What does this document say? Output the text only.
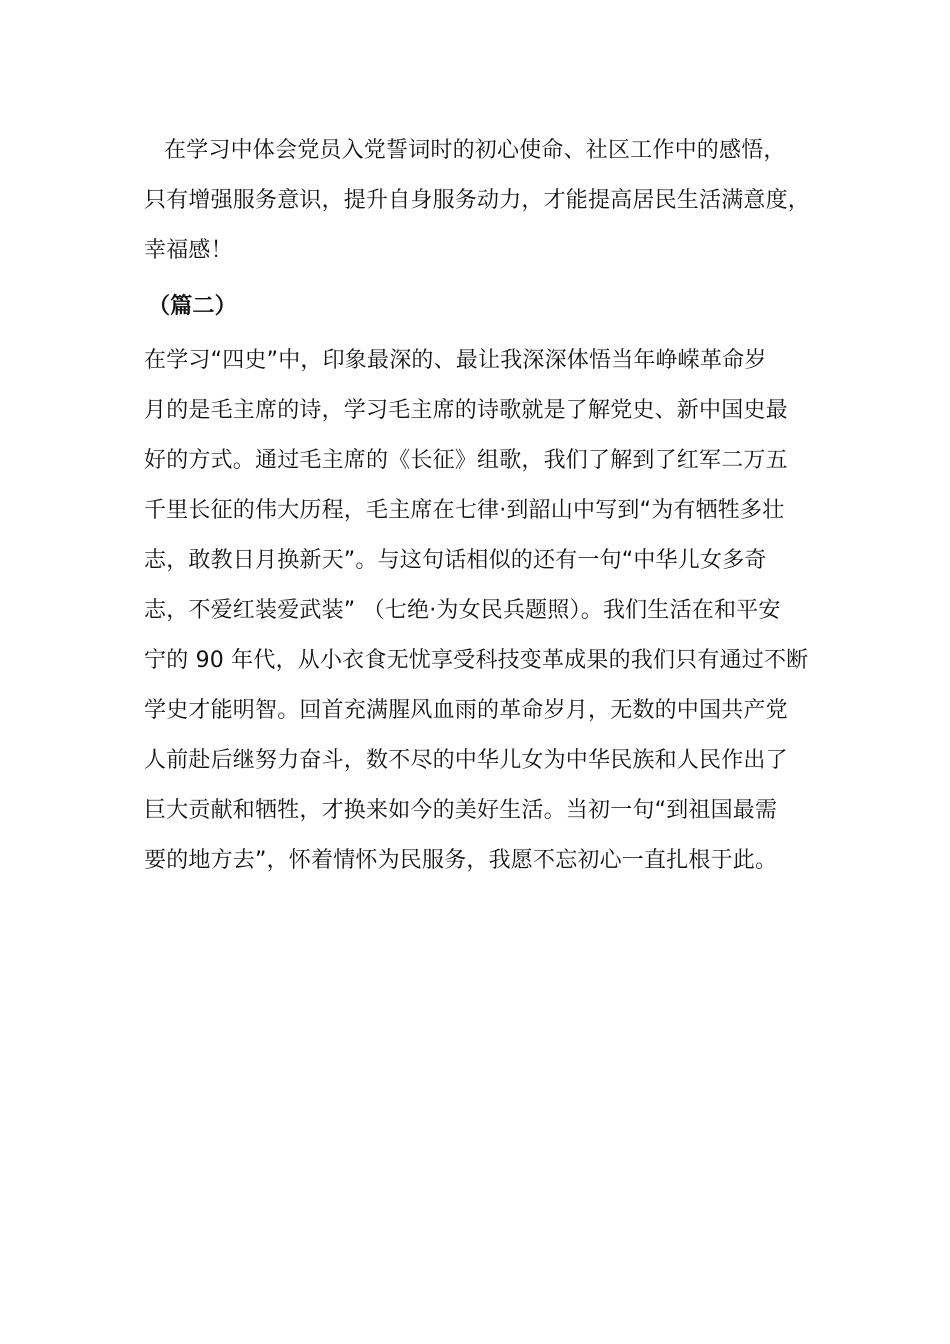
在学习中体会党员入党誓词时的初心使命、社区工作中的感悟，
只有增强服务意识，提升自身服务动力，才能提高居民生活满意度，
幸福感！
（篇二）
在学习“四史”中，印象最深的、最让我深深体悟当年峥嵘革命岁
月的是毛主席的诗，学习毛主席的诗歌就是了解党史、新中国史最
好的方式。通过毛主席的《长征》组歌，我们了解到了红军二万五
千里长征的伟大历程，毛主席在七律·到韶山中写到“为有牺牲多壮
志，敢教日月换新天”。与这句话相似的还有一句“中华儿女多奇
志，不爱红装爱武装” （七绝·为女民兵题照）。我们生活在和平安
宁的 90 年代，从小衣食无忧享受科技变革成果的我们只有通过不断
学史才能明智。回首充满腥风血雨的革命岁月，无数的中国共产党
人前赴后继努力奋斗，数不尽的中华儿女为中华民族和人民作出了
巨大贡献和牺牲，才换来如今的美好生活。当初一句“到祖国最需
要的地方去”，怀着情怀为民服务，我愿不忘初心一直扎根于此。
